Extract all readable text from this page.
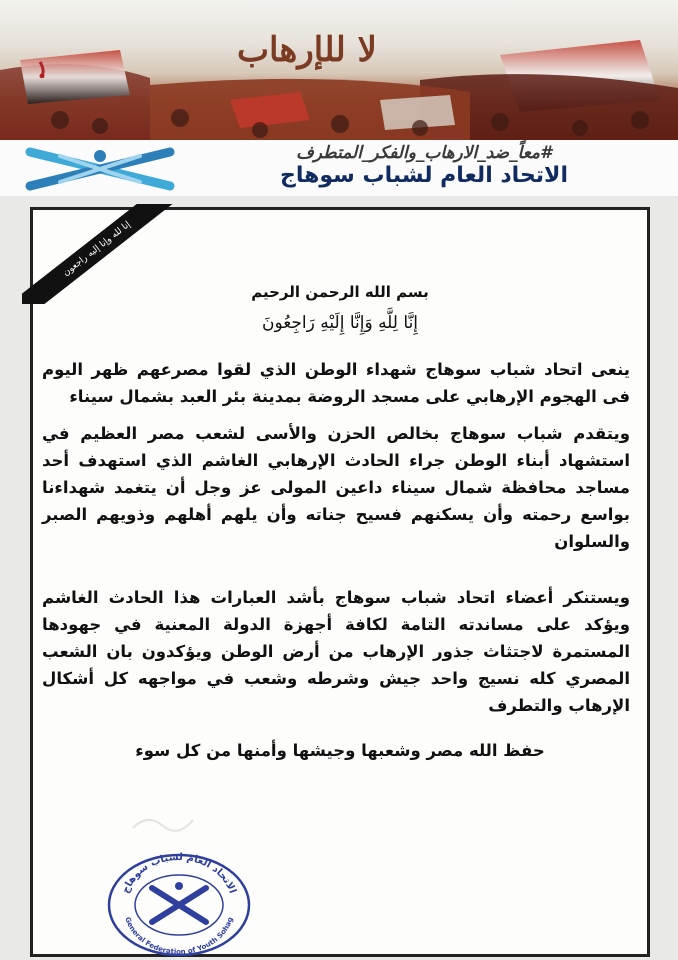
لا للإرهاب
#معاً_ضد_الارهاب_والفكر_المتطرف
الاتحاد العام لشباب سوهاج
إنا لله وإنا إليه راجعون
بسم الله الرحمن الرحيم
إِنَّا لِلَّهِ وَإِنَّا إِلَيْهِ رَاجِعُونَ
ينعى اتحاد شباب سوهاج شهداء الوطن الذي لقوا مصرعهم ظهر اليوم فى الهجوم الإرهابي على مسجد الروضة بمدينة بئر العبد بشمال سيناء
ويتقدم شباب سوهاج بخالص الحزن والأسى لشعب مصر العظيم في استشهاد أبناء الوطن جراء الحادث الإرهابي الغاشم الذي استهدف أحد مساجد محافظة شمال سيناء داعين المولى عز وجل أن يتغمد شهداءنا بواسع رحمته وأن يسكنهم فسيح جناته وأن يلهم أهلهم وذويهم الصبر والسلوان
ويستنكر أعضاء اتحاد شباب سوهاج بأشد العبارات هذا الحادث الغاشم ويؤكد على مساندته التامة لكافة أجهزة الدولة المعنية في جهودها المستمرة لاجتثاث جذور الإرهاب من أرض الوطن ويؤكدون بان الشعب المصري كله نسيج واحد جيش وشرطه وشعب في مواجهه كل أشكال الإرهاب والتطرف
حفظ الله مصر وشعبها وجيشها وأمنها من كل سوء
الاتحاد العام لشباب سوهاج
General Federation of Youth Sohag
